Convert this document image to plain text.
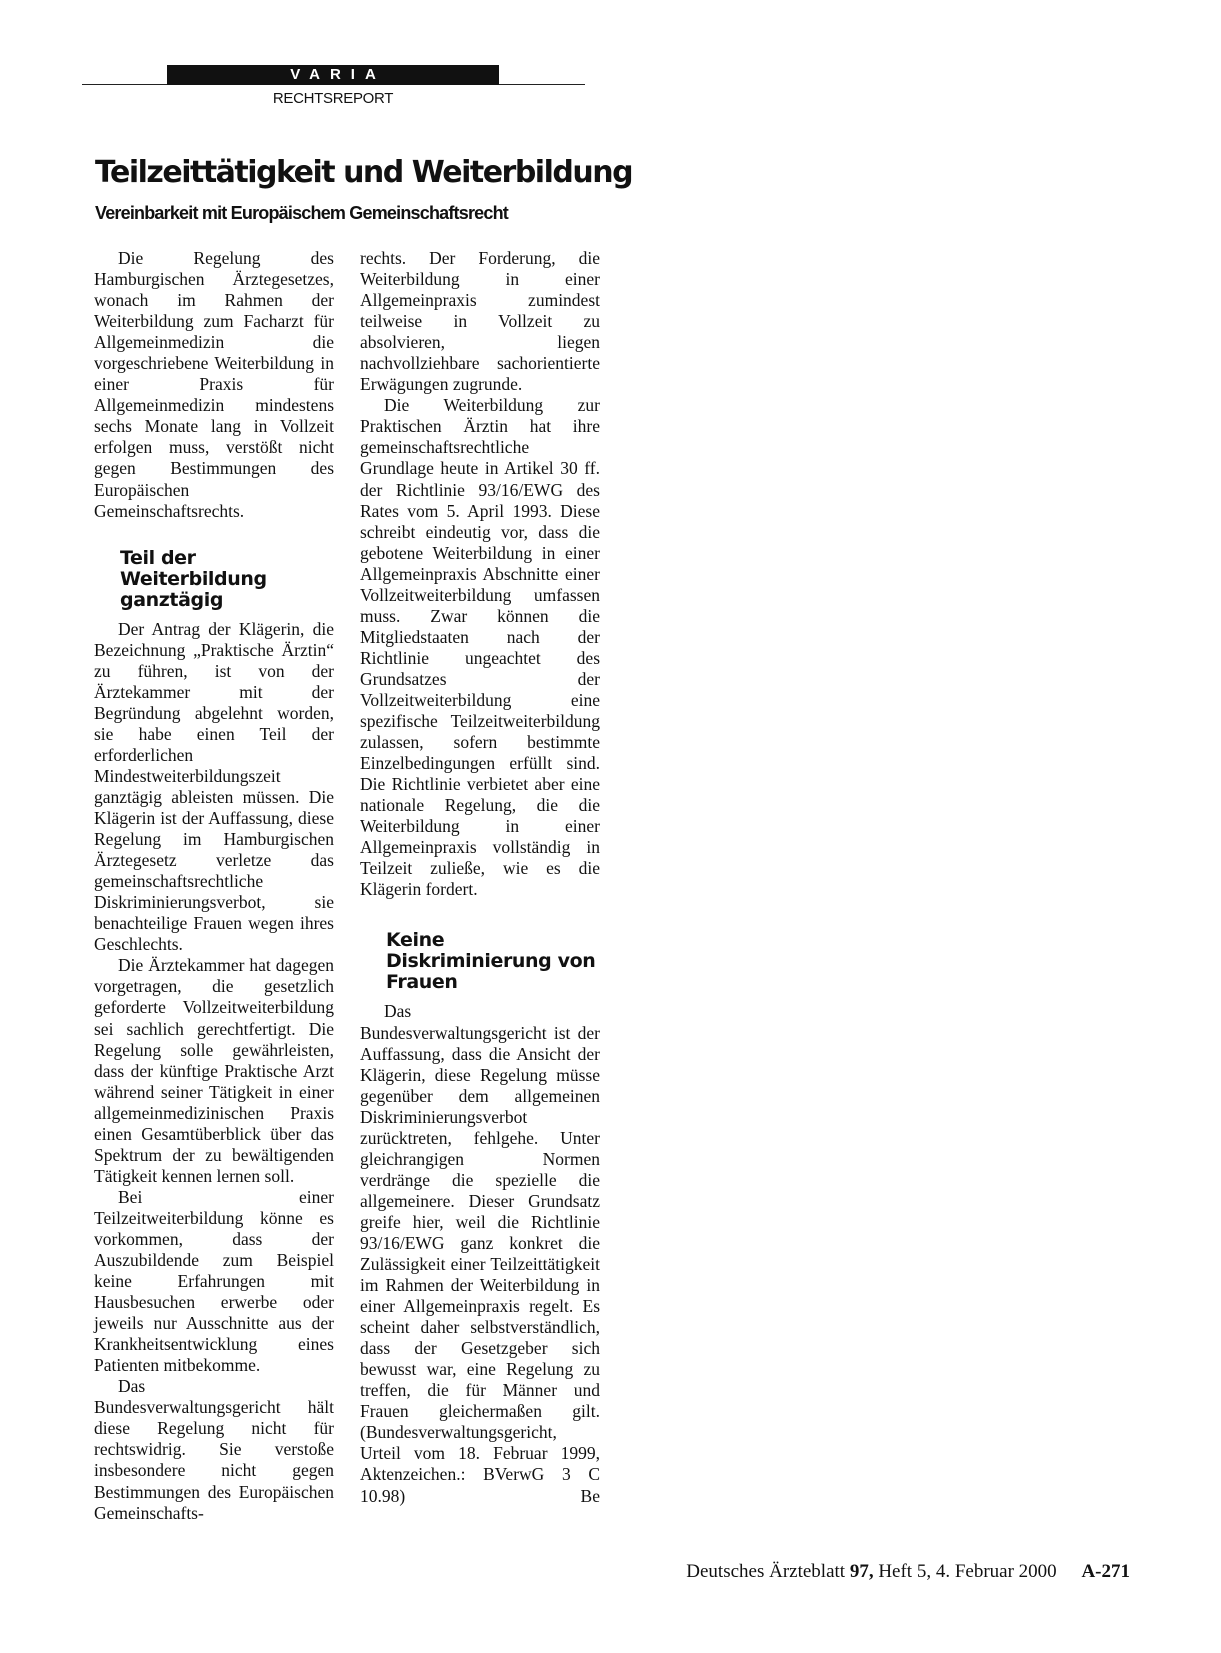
VARIA
RECHTSREPORT
Teilzeittätigkeit und Weiterbildung
Vereinbarkeit mit Europäischem Gemeinschaftsrecht

Die Regelung des Hamburgischen Ärztegesetzes, wonach im Rahmen der Weiterbildung zum Facharzt für Allgemeinmedizin die vorgeschriebene Weiterbildung in einer Praxis für Allgemeinmedizin mindestens sechs Monate lang in Vollzeit erfolgen muss, verstößt nicht gegen Bestimmungen des Europäischen Gemeinschaftsrechts.

Teil der Weiterbildung ganztägig

Der Antrag der Klägerin, die Bezeichnung „Praktische Ärztin“ zu führen, ist von der Ärztekammer mit der Begründung abgelehnt worden, sie habe einen Teil der erforderlichen Mindestweiterbildungszeit ganztägig ableisten müssen. Die Klägerin ist der Auffassung, diese Regelung im Hamburgischen Ärztegesetz verletze das gemeinschaftsrechtliche Diskriminierungsverbot, sie benachteilige Frauen wegen ihres Geschlechts.

Die Ärztekammer hat dagegen vorgetragen, die gesetzlich geforderte Vollzeitweiterbildung sei sachlich gerechtfertigt. Die Regelung solle gewährleisten, dass der künftige Praktische Arzt während seiner Tätigkeit in einer allgemeinmedizinischen Praxis einen Gesamtüberblick über das Spektrum der zu bewältigenden Tätigkeit kennen lernen soll.

Bei einer Teilzeitweiterbildung könne es vorkommen, dass der Auszubildende zum Beispiel keine Erfahrungen mit Hausbesuchen erwerbe oder jeweils nur Ausschnitte aus der Krankheitsentwicklung eines Patienten mitbekomme.

Das Bundesverwaltungsgericht hält diese Regelung nicht für rechtswidrig. Sie verstoße insbesondere nicht gegen Bestimmungen des Europäischen Gemeinschafts-

rechts. Der Forderung, die Weiterbildung in einer Allgemeinpraxis zumindest teilweise in Vollzeit zu absolvieren, liegen nachvollziehbare sachorientierte Erwägungen zugrunde.

Die Weiterbildung zur Praktischen Ärztin hat ihre gemeinschaftsrechtliche Grundlage heute in Artikel 30 ff. der Richtlinie 93/16/EWG des Rates vom 5. April 1993. Diese schreibt eindeutig vor, dass die gebotene Weiterbildung in einer Allgemeinpraxis Abschnitte einer Vollzeitweiterbildung umfassen muss. Zwar können die Mitgliedstaaten nach der Richtlinie ungeachtet des Grundsatzes der Vollzeitweiterbildung eine spezifische Teilzeitweiterbildung zulassen, sofern bestimmte Einzelbedingungen erfüllt sind. Die Richtlinie verbietet aber eine nationale Regelung, die die Weiterbildung in einer Allgemeinpraxis vollständig in Teilzeit zuließe, wie es die Klägerin fordert.

Keine Diskriminierung von Frauen

Das Bundesverwaltungsgericht ist der Auffassung, dass die Ansicht der Klägerin, diese Regelung müsse gegenüber dem allgemeinen Diskriminierungsverbot zurücktreten, fehlgehe. Unter gleichrangigen Normen verdränge die spezielle die allgemeinere. Dieser Grundsatz greife hier, weil die Richtlinie 93/16/EWG ganz konkret die Zulässigkeit einer Teilzeittätigkeit im Rahmen der Weiterbildung in einer Allgemeinpraxis regelt. Es scheint daher selbstverständlich, dass der Gesetzgeber sich bewusst war, eine Regelung zu treffen, die für Männer und Frauen gleichermaßen gilt. (Bundesverwaltungsgericht, Urteil vom 18. Februar 1999, Aktenzeichen.: BVerwG 3 C 10.98)	Be

Deutsches Ärzteblatt 97, Heft 5, 4. Februar 2000 A-271
